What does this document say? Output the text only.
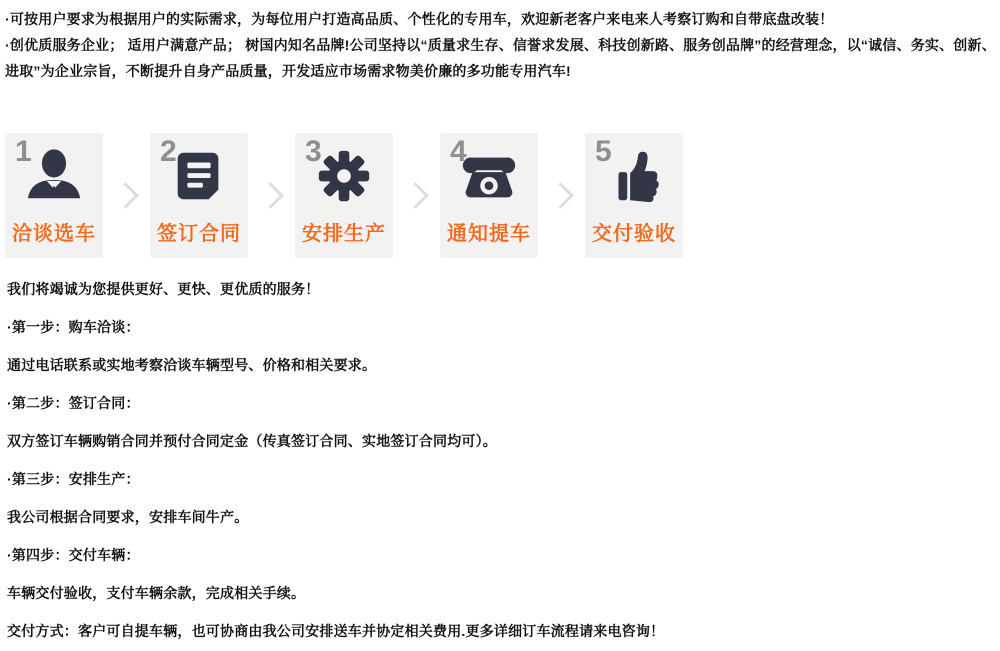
·可按用户要求为根据用户的实际需求，为每位用户打造高品质、个性化的专用车，欢迎新老客户来电来人考察订购和自带底盘改装！

·创优质服务企业； 适用户满意产品； 树国内知名品牌!公司坚持以“质量求生存、信誉求发展、科技创新路、服务创品牌”的经营理念，以“诚信、务实、创新、进取”为企业宗旨，不断提升自身产品质量，开发适应市场需求物美价廉的多功能专用汽车!

1
洽谈选车
2
签订合同
3
安排生产
4
通知提车
5
交付验收

我们将竭诚为您提供更好、更快、更优质的服务！

·第一步：购车洽谈：

通过电话联系或实地考察洽谈车辆型号、价格和相关要求。

·第二步：签订合同：

双方签订车辆购销合同并预付合同定金（传真签订合同、实地签订合同均可）。

·第三步：安排生产：

我公司根据合同要求，安排车间牛产。

·第四步：交付车辆：

车辆交付验收，支付车辆余款，完成相关手续。

交付方式：客户可自提车辆，也可协商由我公司安排送车并协定相关费用.更多详细订车流程请来电咨询！
